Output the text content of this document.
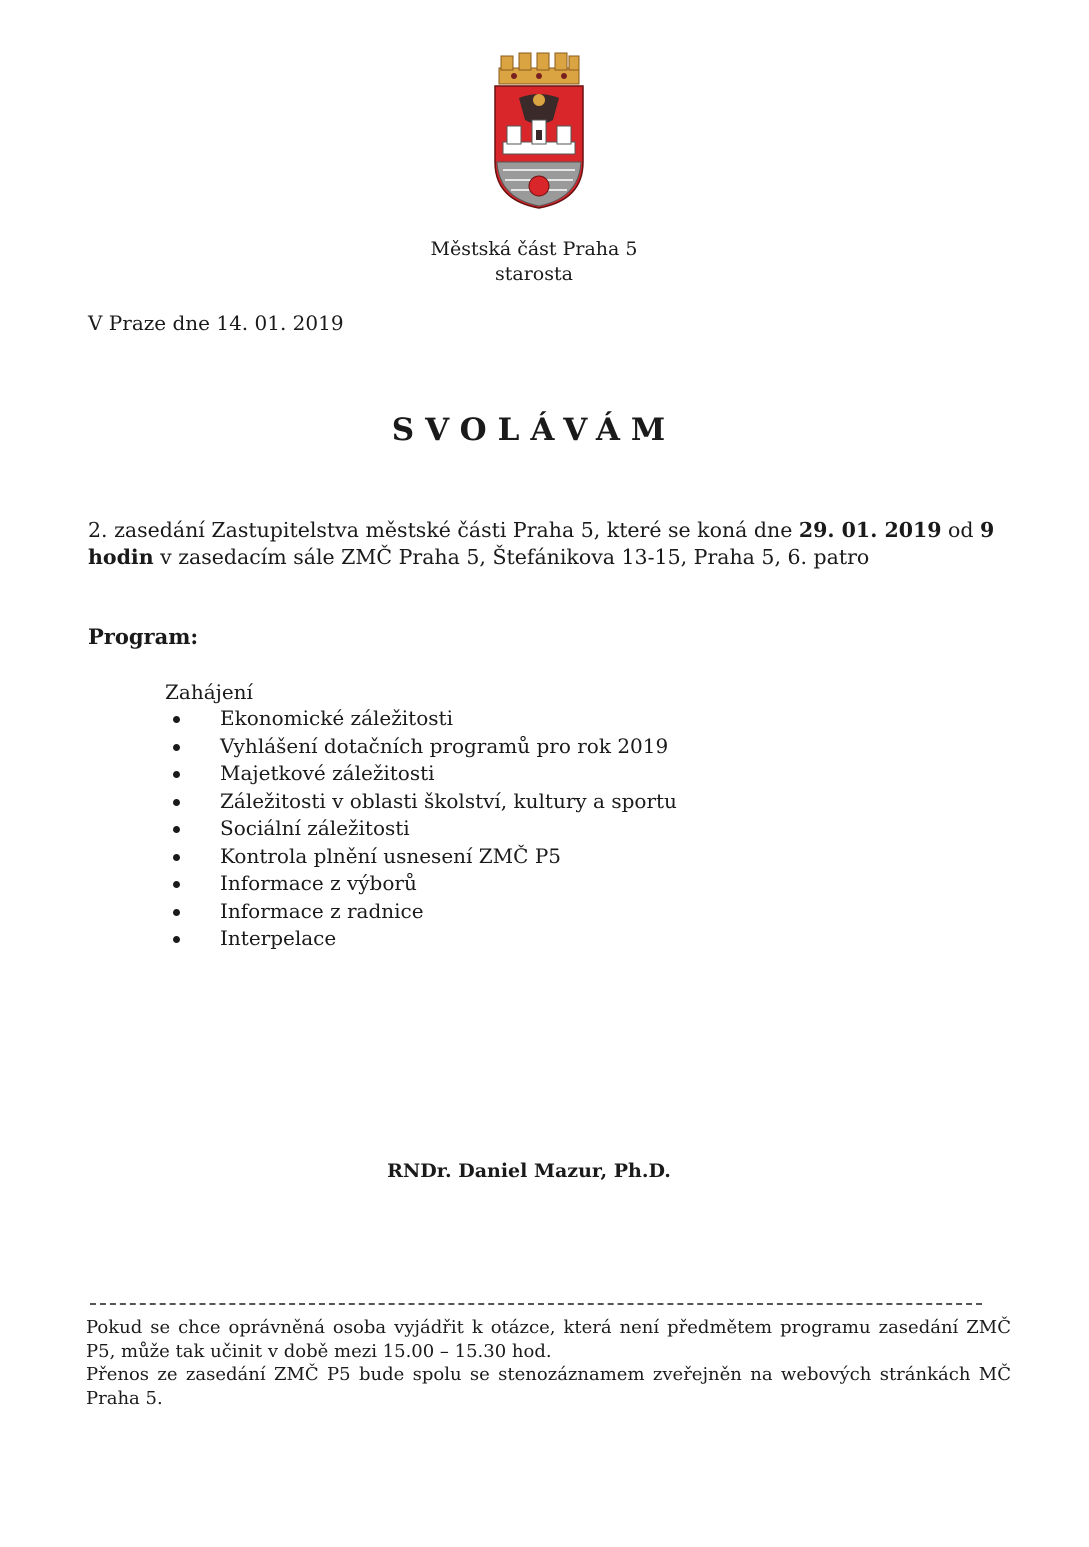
Městská část Praha 5
starosta
V Praze dne 14. 01. 2019
SVOLÁVÁM
2. zasedání Zastupitelstva městské části Praha 5, které se koná dne 29. 01. 2019 od 9 hodin v zasedacím sále ZMČ Praha 5, Štefánikova 13-15, Praha 5, 6. patro
Program:
Zahájení
Ekonomické záležitosti
Vyhlášení dotačních programů pro rok 2019
Majetkové záležitosti
Záležitosti v oblasti školství, kultury a sportu
Sociální záležitosti
Kontrola plnění usnesení ZMČ P5
Informace z výborů
Informace z radnice
Interpelace
RNDr. Daniel Mazur, Ph.D.

Pokud se chce oprávněná osoba vyjádřit k otázce, která není předmětem programu zasedání ZMČ P5, může tak učinit v době mezi 15.00 – 15.30 hod.

Přenos ze zasedání ZMČ P5 bude spolu se stenozáznamem zveřejněn na webových stránkách MČ Praha 5.
